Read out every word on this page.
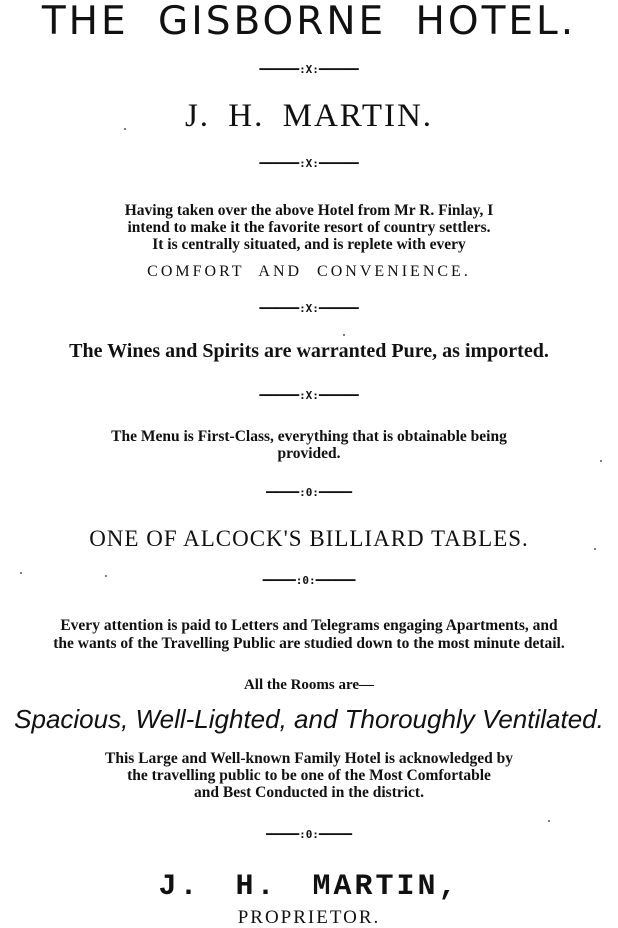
THE GISBORNE HOTEL.
━━━━━━:X:━━━━━━
J. H. MARTIN.
━━━━━━:X:━━━━━━
Having taken over the above Hotel from Mr R. Finlay, I
intend to make it the favorite resort of country settlers.
It is centrally situated, and is replete with every
COMFORT AND CONVENIENCE.
━━━━━━:X:━━━━━━
The Wines and Spirits are warranted Pure, as imported.
━━━━━━:X:━━━━━━
The Menu is First-Class, everything that is obtainable being
provided.
━━━━━:0:━━━━━
ONE OF ALCOCK'S BILLIARD TABLES.
━━━━━:0:━━━━━━
Every attention is paid to Letters and Telegrams engaging Apartments, and
the wants of the Travelling Public are studied down to the most minute detail.
All the Rooms are—
Spacious, Well-Lighted, and Thoroughly Ventilated.
This Large and Well-known Family Hotel is acknowledged by
the travelling public to be one of the Most Comfortable
and Best Conducted in the district.
━━━━━:0:━━━━━
J. H. MARTIN,
PROPRIETOR.
